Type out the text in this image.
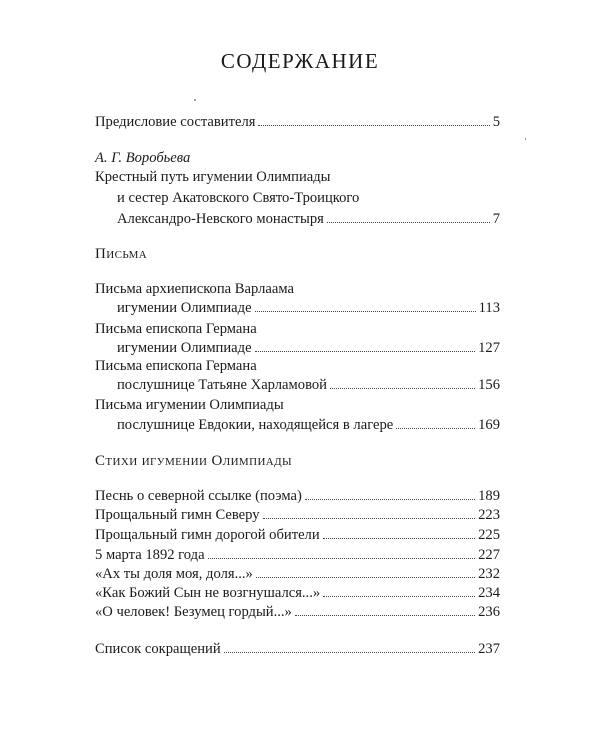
СОДЕРЖАНИЕ
Предисловие составителя	5
А. Г. Воробьева
Крестный путь игумении Олимпиады
и сестер Акатовского Свято-Троицкого
Александро-Невского монастыря	7
Письма
Письма архиепископа Варлаама
игумении Олимпиаде	113
Письма епископа Германа
игумении Олимпиаде	127
Письма епископа Германа
послушнице Татьяне Харламовой	156
Письма игумении Олимпиады
послушнице Евдокии, находящейся в лагере	169
Стихи игумении Олимпиады
Песнь о северной ссылке (поэма)	189
Прощальный гимн Северу	223
Прощальный гимн дорогой обители	225
5 марта 1892 года	227
«Ах ты доля моя, доля...»	232
«Как Божий Сын не возгнушался...»	234
«О человек! Безумец гордый...»	236
Список сокращений	237
